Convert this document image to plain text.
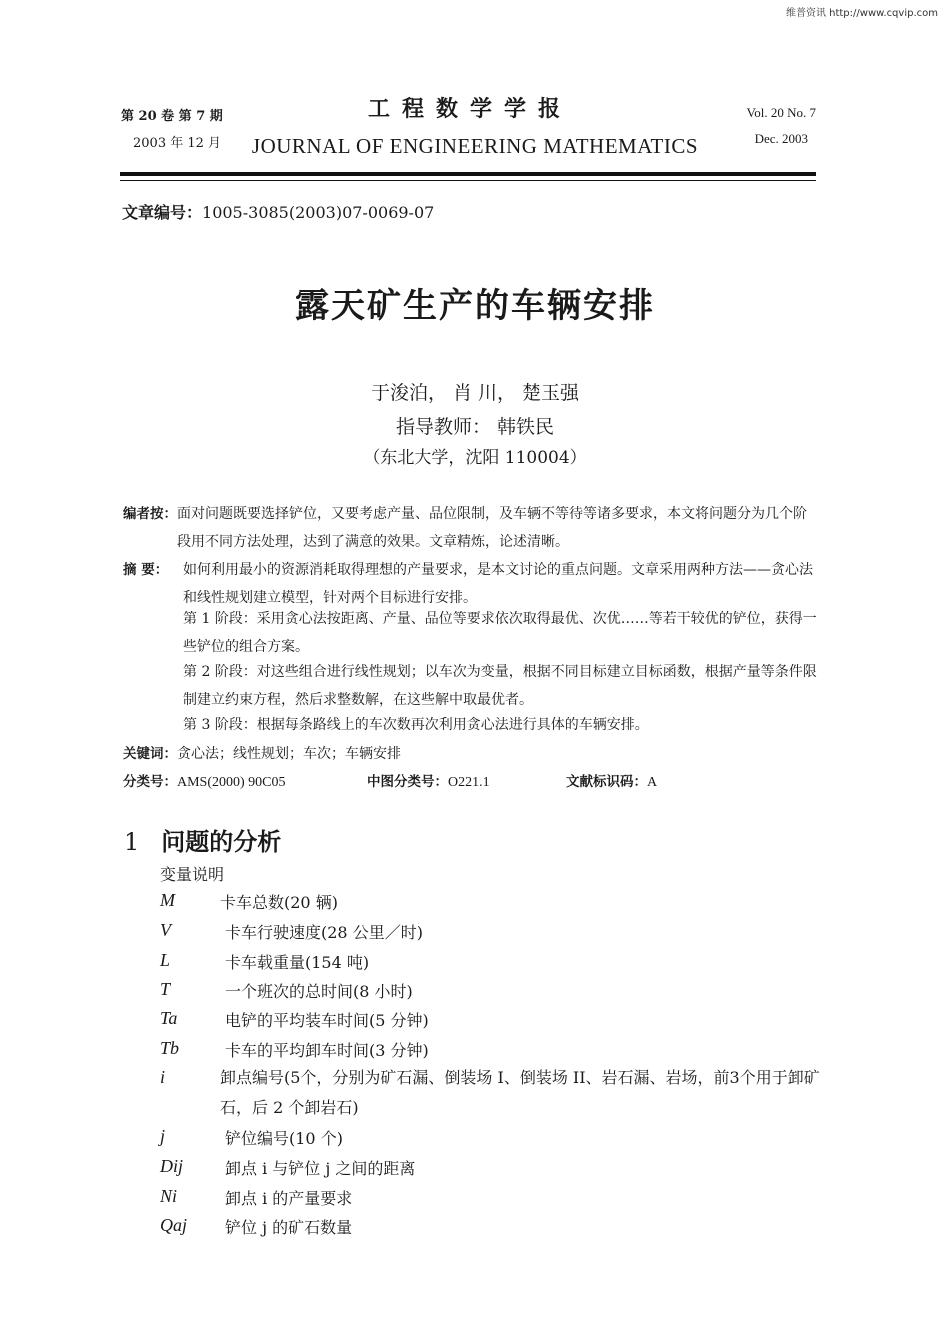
维普资讯 http://www.cqvip.com
第 20 卷 第 7 期
2003 年 12 月
工程数学学报
JOURNAL OF ENGINEERING MATHEMATICS
Vol. 20 No. 7
Dec. 2003
文章编号：1005-3085(2003)07-0069-07
露天矿生产的车辆安排
于浚泊， 肖 川， 楚玉强
指导教师： 韩铁民
（东北大学，沈阳 110004）
编者按： 面对问题既要选择铲位，又要考虑产量、品位限制，及车辆不等待等诸多要求，本文将问题分为几个阶段用不同方法处理，达到了满意的效果。文章精炼，论述清晰。
摘 要： 如何利用最小的资源消耗取得理想的产量要求，是本文讨论的重点问题。文章采用两种方法——贪心法和线性规划建立模型，针对两个目标进行安排。
第 1 阶段：采用贪心法按距离、产量、品位等要求依次取得最优、次优……等若干较优的铲位，获得一些铲位的组合方案。
第 2 阶段：对这些组合进行线性规划；以车次为变量，根据不同目标建立目标函数，根据产量等条件限制建立约束方程，然后求整数解，在这些解中取最优者。
第 3 阶段：根据每条路线上的车次数再次利用贪心法进行具体的车辆安排。
关键词：贪心法；线性规划；车次；车辆安排
分类号：AMS(2000) 90C05	中图分类号：O221.1	文献标识码：A
1 问题的分析
变量说明
M	卡车总数(20 辆)
V	卡车行驶速度(28 公里／时)
L	卡车载重量(154 吨)
T	一个班次的总时间(8 小时)
Ta	电铲的平均装车时间(5 分钟)
Tb	卡车的平均卸车时间(3 分钟)
i	卸点编号(5个，分别为矿石漏、倒装场 I、倒装场 II、岩石漏、岩场，前3个用于卸矿石，后 2 个卸岩石)
j	铲位编号(10 个)
Dij	卸点 i 与铲位 j 之间的距离
Ni	卸点 i 的产量要求
Qaj 铲位 j 的矿石数量
